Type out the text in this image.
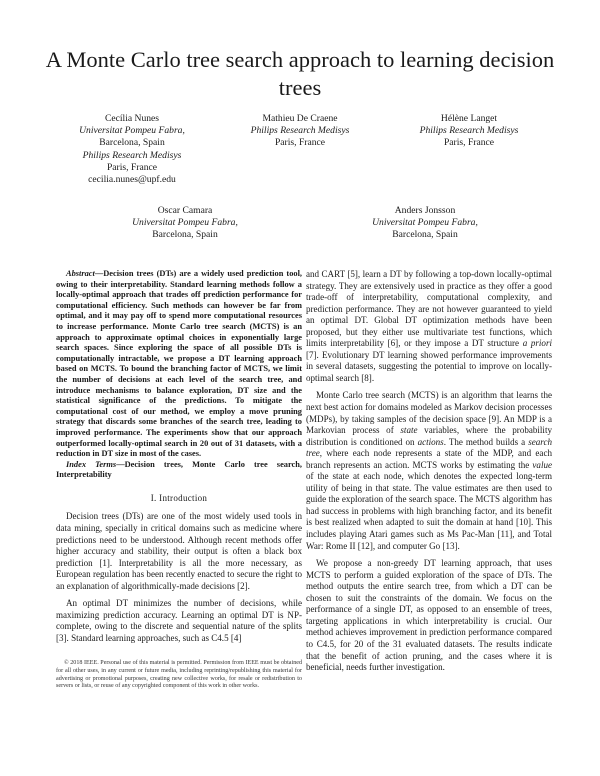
A Monte Carlo tree search approach to learning decision trees
Cecília Nunes
Universitat Pompeu Fabra,
Barcelona, Spain
Philips Research Medisys
Paris, France
cecilia.nunes@upf.edu
Mathieu De Craene
Philips Research Medisys
Paris, France
Hélène Langet
Philips Research Medisys
Paris, France
Oscar Camara
Universitat Pompeu Fabra,
Barcelona, Spain
Anders Jonsson
Universitat Pompeu Fabra,
Barcelona, Spain

Abstract—Decision trees (DTs) are a widely used prediction tool, owing to their interpretability. Standard learning methods follow a locally-optimal approach that trades off prediction performance for computational efficiency. Such methods can however be far from optimal, and it may pay off to spend more computational resources to increase performance. Monte Carlo tree search (MCTS) is an approach to approximate optimal choices in exponentially large search spaces. Since exploring the space of all possible DTs is computationally intractable, we propose a DT learning approach based on MCTS. To bound the branching factor of MCTS, we limit the number of decisions at each level of the search tree, and introduce mechanisms to balance exploration, DT size and the statistical significance of the predictions. To mitigate the computational cost of our method, we employ a move pruning strategy that discards some branches of the search tree, leading to improved performance. The experiments show that our approach outperformed locally-optimal search in 20 out of 31 datasets, with a reduction in DT size in most of the cases.

Index Terms—Decision trees, Monte Carlo tree search, Interpretability

I. Introduction

Decision trees (DTs) are one of the most widely used tools in data mining, specially in critical domains such as medicine where predictions need to be understood. Although recent methods offer higher accuracy and stability, their output is often a black box prediction [1]. Interpretability is all the more necessary, as European regulation has been recently enacted to secure the right to an explanation of algorithmically-made decisions [2].

An optimal DT minimizes the number of decisions, while maximizing prediction accuracy. Learning an optimal DT is NP-complete, owing to the discrete and sequential nature of the splits [3]. Standard learning approaches, such as C4.5 [4]

© 2018 IEEE. Personal use of this material is permitted. Permission from IEEE must be obtained for all other uses, in any current or future media, including reprinting/republishing this material for advertising or promotional purposes, creating new collective works, for resale or redistribution to servers or lists, or reuse of any copyrighted component of this work in other works.

and CART [5], learn a DT by following a top-down locally-optimal strategy. They are extensively used in practice as they offer a good trade-off of interpretability, computational complexity, and prediction performance. They are not however guaranteed to yield an optimal DT. Global DT optimization methods have been proposed, but they either use multivariate test functions, which limits interpretability [6], or they impose a DT structure a priori [7]. Evolutionary DT learning showed performance improvements in several datasets, suggesting the potential to improve on locally-optimal search [8].

Monte Carlo tree search (MCTS) is an algorithm that learns the next best action for domains modeled as Markov decision processes (MDPs), by taking samples of the decision space [9]. An MDP is a Markovian process of state variables, where the probability distribution is conditioned on actions. The method builds a search tree, where each node represents a state of the MDP, and each branch represents an action. MCTS works by estimating the value of the state at each node, which denotes the expected long-term utility of being in that state. The value estimates are then used to guide the exploration of the search space. The MCTS algorithm has had success in problems with high branching factor, and its benefit is best realized when adapted to suit the domain at hand [10]. This includes playing Atari games such as Ms Pac-Man [11], and Total War: Rome II [12], and computer Go [13].

We propose a non-greedy DT learning approach, that uses MCTS to perform a guided exploration of the space of DTs. The method outputs the entire search tree, from which a DT can be chosen to suit the constraints of the domain. We focus on the performance of a single DT, as opposed to an ensemble of trees, targeting applications in which interpretability is crucial. Our method achieves improvement in prediction performance compared to C4.5, for 20 of the 31 evaluated datasets. The results indicate that the benefit of action pruning, and the cases where it is beneficial, needs further investigation.
